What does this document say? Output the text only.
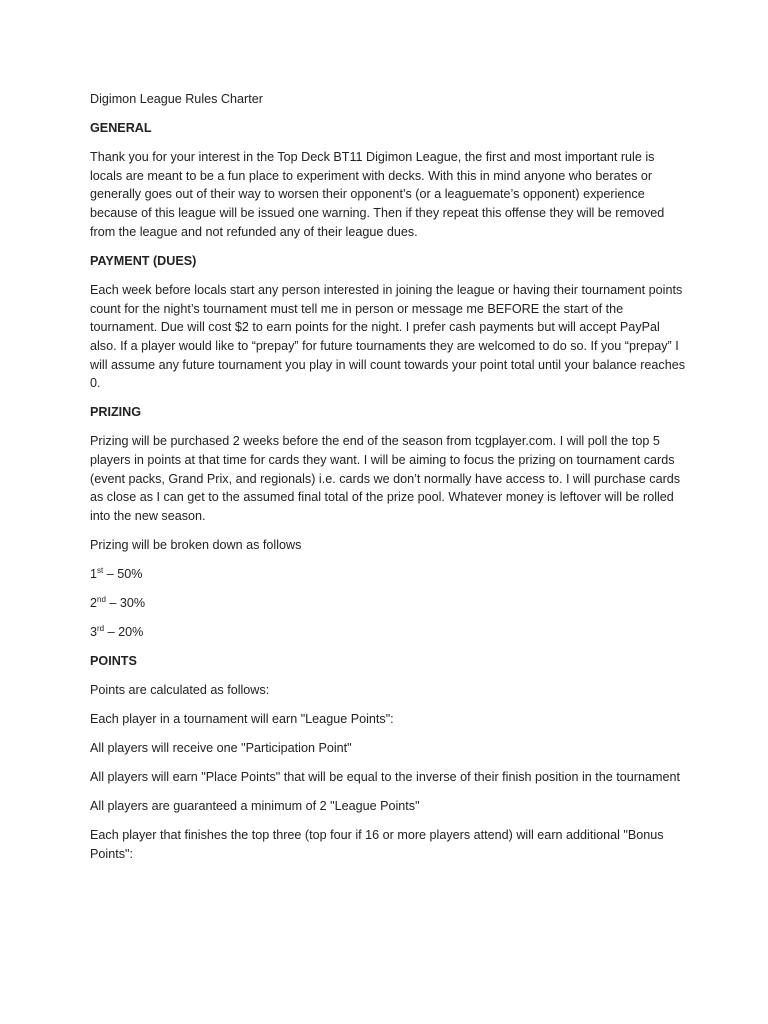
Digimon League Rules Charter

GENERAL

Thank you for your interest in the Top Deck BT11 Digimon League, the first and most important rule is locals are meant to be a fun place to experiment with decks. With this in mind anyone who berates or generally goes out of their way to worsen their opponent’s (or a leaguemate’s opponent) experience because of this league will be issued one warning. Then if they repeat this offense they will be removed from the league and not refunded any of their league dues.

PAYMENT (DUES)

Each week before locals start any person interested in joining the league or having their tournament points count for the night’s tournament must tell me in person or message me BEFORE the start of the tournament. Due will cost $2 to earn points for the night. I prefer cash payments but will accept PayPal also. If a player would like to “prepay” for future tournaments they are welcomed to do so. If you “prepay” I will assume any future tournament you play in will count towards your point total until your balance reaches 0.

PRIZING

Prizing will be purchased 2 weeks before the end of the season from tcgplayer.com. I will poll the top 5 players in points at that time for cards they want. I will be aiming to focus the prizing on tournament cards (event packs, Grand Prix, and regionals) i.e. cards we don’t normally have access to. I will purchase cards as close as I can get to the assumed final total of the prize pool. Whatever money is leftover will be rolled into the new season.

Prizing will be broken down as follows

1st – 50%

2nd – 30%

3rd – 20%

POINTS

Points are calculated as follows:

Each player in a tournament will earn "League Points":

All players will receive one "Participation Point"

All players will earn "Place Points" that will be equal to the inverse of their finish position in the tournament

All players are guaranteed a minimum of 2 "League Points"

Each player that finishes the top three (top four if 16 or more players attend) will earn additional "Bonus Points":
